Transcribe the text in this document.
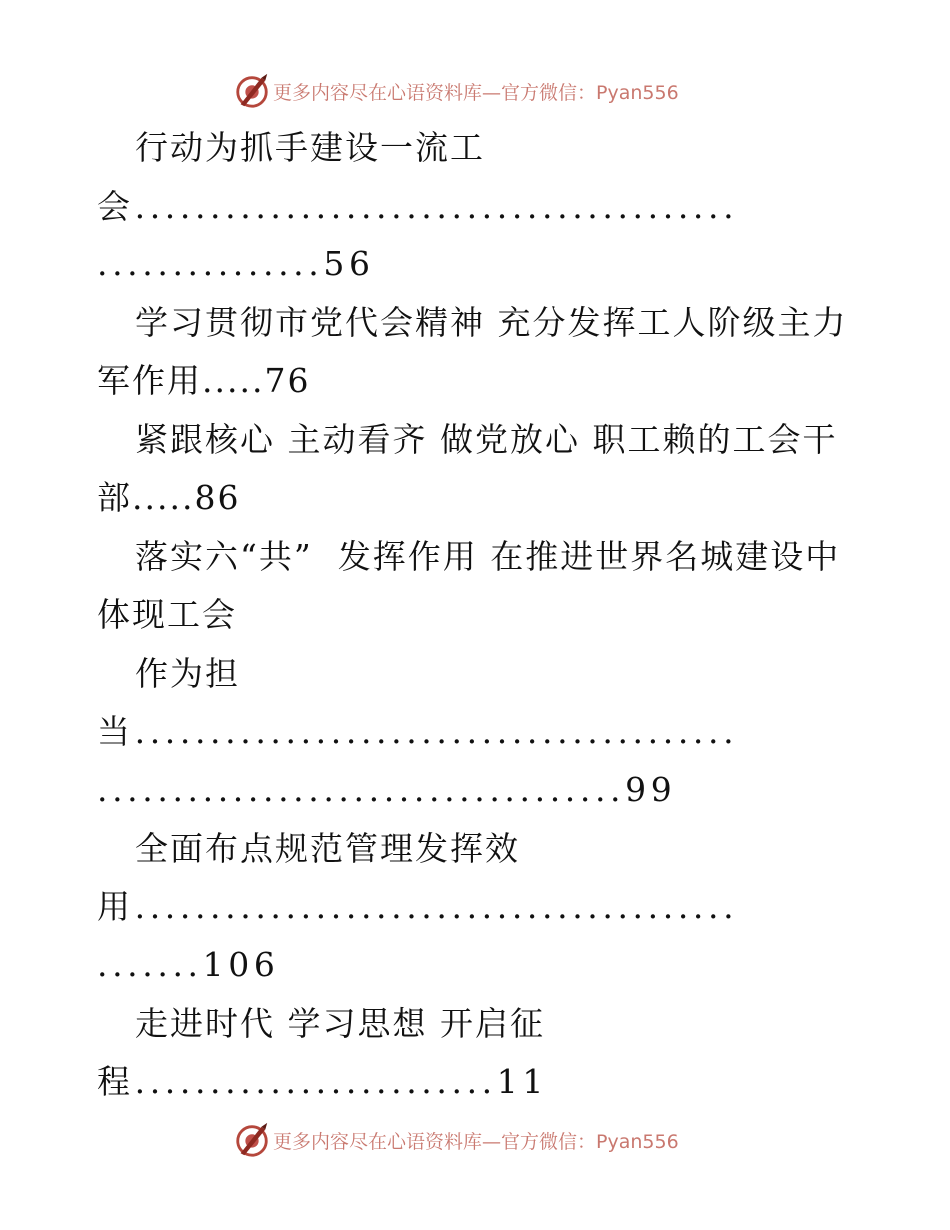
更多内容尽在心语资料库—官方微信：Pyan556
行动为抓手建设一流工
会........................................
...............56
学习贯彻市党代会精神 充分发挥工人阶级主力
军作用.....76
紧跟核心 主动看齐 做党放心 职工赖的工会干
部.....86
落实六“共”  发挥作用 在推进世界名城建设中
体现工会
作为担
当........................................
...................................99
全面布点规范管理发挥效
用........................................
.......106
走进时代 学习思想 开启征
程........................11
更多内容尽在心语资料库—官方微信：Pyan556
